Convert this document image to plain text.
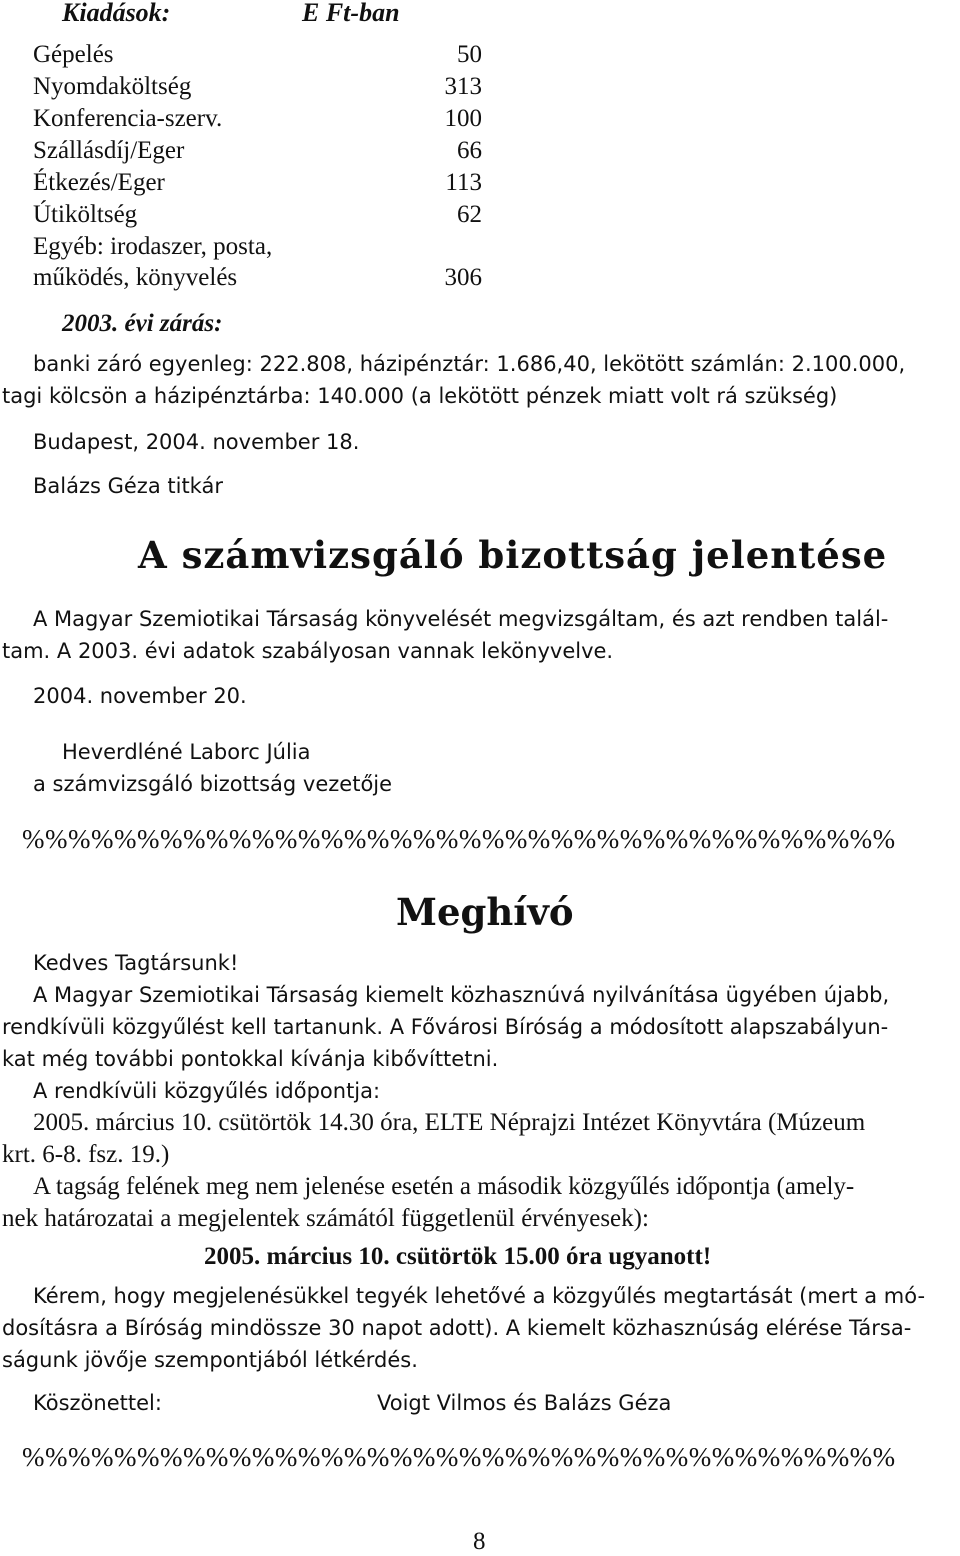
Kiadások:	E Ft-ban
Gépelés	50
Nyomdaköltség	313
Konferencia-szerv.	100
Szállásdíj/Eger	66
Étkezés/Eger	113
Útiköltség	62
Egyéb: irodaszer, posta,
működés, könyvelés	306
2003. évi zárás:
banki záró egyenleg: 222.808, házipénztár: 1.686,40, lekötött számlán: 2.100.000,
tagi kölcsön a házipénztárba: 140.000 (a lekötött pénzek miatt volt rá szükség)
Budapest, 2004. november 18.
Balázs Géza titkár
A számvizsgáló bizottság jelentése
A Magyar Szemiotikai Társaság könyvelését megvizsgáltam, és azt rendben talál-
tam. A 2003. évi adatok szabályosan vannak lekönyvelve.
2004. november 20.
Heverdléné Laborc Júlia
a számvizsgáló bizottság vezetője
%%%%%%%%%%%%%%%%%%%%%%%%%%%%%%%%%%%%%%
Meghívó
Kedves Tagtársunk!
A Magyar Szemiotikai Társaság kiemelt közhasznúvá nyilvánítása ügyében újabb,
rendkívüli közgyűlést kell tartanunk. A Fővárosi Bíróság a módosított alapszabályun-
kat még további pontokkal kívánja kibővíttetni.
A rendkívüli közgyűlés időpontja:
2005. március 10. csütörtök 14.30 óra, ELTE Néprajzi Intézet Könyvtára (Múzeum
krt. 6-8. fsz. 19.)
A tagság felének meg nem jelenése esetén a második közgyűlés időpontja (amely-
nek határozatai a megjelentek számától függetlenül érvényesek):
2005. március 10. csütörtök 15.00 óra ugyanott!
Kérem, hogy megjelenésükkel tegyék lehetővé a közgyűlés megtartását (mert a mó-
dosításra a Bíróság mindössze 30 napot adott). A kiemelt közhasznúság elérése Társa-
ságunk jövője szempontjából létkérdés.
Köszönettel:	Voigt Vilmos és Balázs Géza
%%%%%%%%%%%%%%%%%%%%%%%%%%%%%%%%%%%%%%
8
